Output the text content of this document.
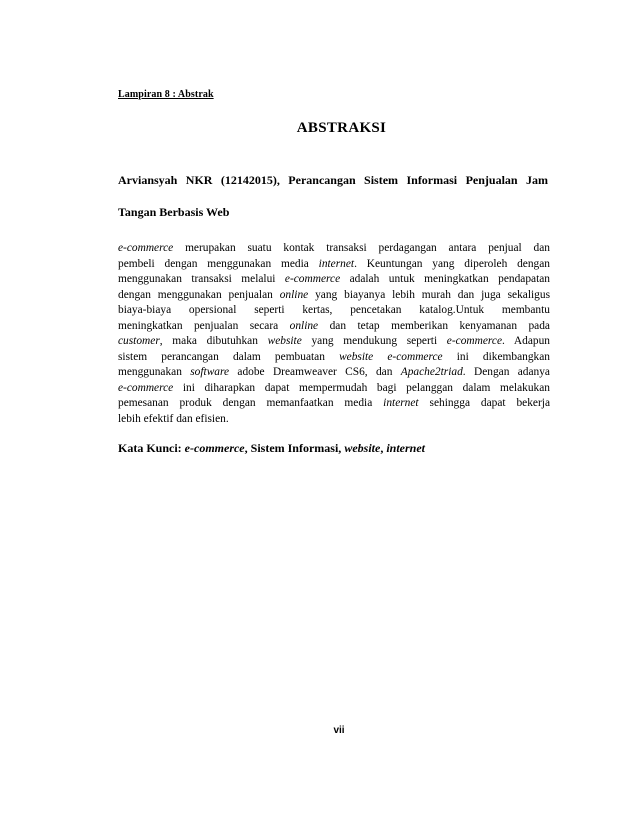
Lampiran 8 : Abstrak
ABSTRAKSI

Arviansyah NKR (12142015), Perancangan Sistem Informasi Penjualan Jam
Tangan Berbasis Web

e-commerce merupakan suatu kontak transaksi perdagangan antara penjual dan
pembeli dengan menggunakan media internet. Keuntungan yang diperoleh dengan
menggunakan transaksi melalui e-commerce adalah untuk meningkatkan pendapatan
dengan menggunakan penjualan online yang biayanya lebih murah dan juga sekaligus
biaya-biaya opersional seperti kertas, pencetakan katalog.Untuk membantu
meningkatkan penjualan secara online dan tetap memberikan kenyamanan pada
customer, maka dibutuhkan website yang mendukung seperti e-commerce. Adapun
sistem perancangan dalam pembuatan website e-commerce ini dikembangkan
menggunakan software adobe Dreamweaver CS6, dan Apache2triad. Dengan adanya
e-commerce ini diharapkan dapat mempermudah bagi pelanggan dalam melakukan
pemesanan produk dengan memanfaatkan media internet sehingga dapat bekerja
lebih efektif dan efisien.

Kata Kunci: e-commerce, Sistem Informasi, website, internet

vii
